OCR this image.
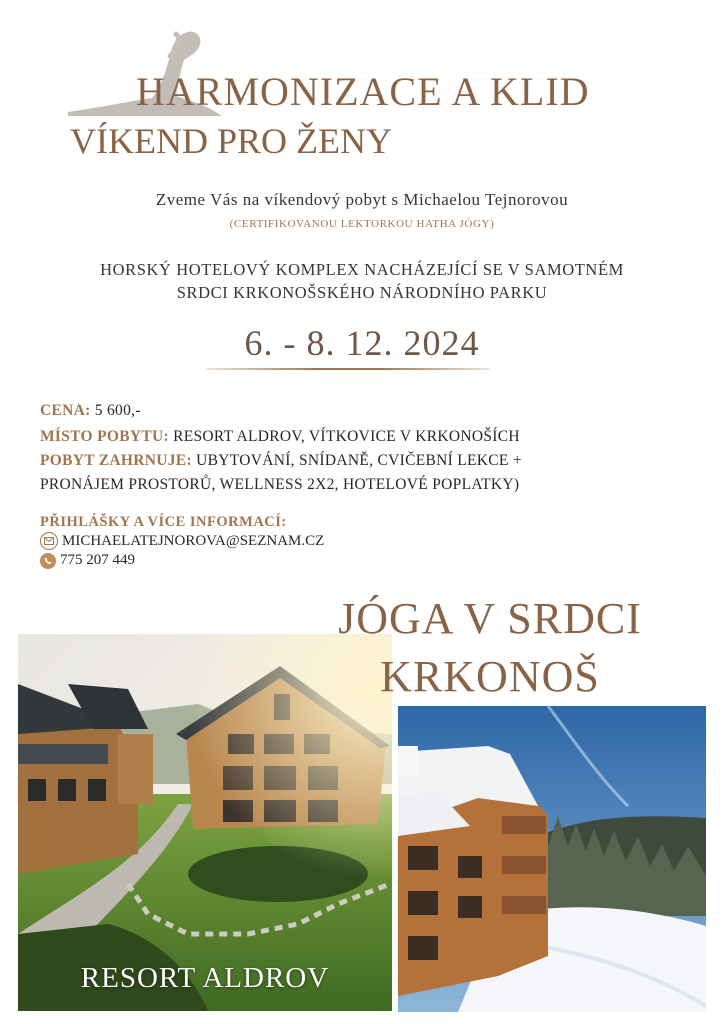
HARMONIZACE A KLID
VÍKEND PRO ŽENY
Zveme Vás na víkendový pobyt s Michaelou Tejnorovou
(CERTIFIKOVANOU LEKTORKOU HATHA JÓGY)
HORSKÝ HOTELOVÝ KOMPLEX NACHÁZEJÍCÍ SE V SAMOTNÉM
SRDCI KRKONOŠSKÉHO NÁRODNÍHO PARKU
6. - 8. 12. 2024
CENA: 5 600,-
MÍSTO POBYTU: RESORT ALDROV, VÍTKOVICE V KRKONOŠÍCH
POBYT ZAHRNUJE: UBYTOVÁNÍ, SNÍDANĚ, CVIČEBNÍ LEKCE +
PRONÁJEM PROSTORŮ, WELLNESS 2X2, HOTELOVÉ POPLATKY)
PŘIHLÁŠKY A VÍCE INFORMACÍ:
MICHAELATEJNOROVA@SEZNAM.CZ
775 207 449
JÓGA V SRDCI
KRKONOŠ
RESORT ALDROV
